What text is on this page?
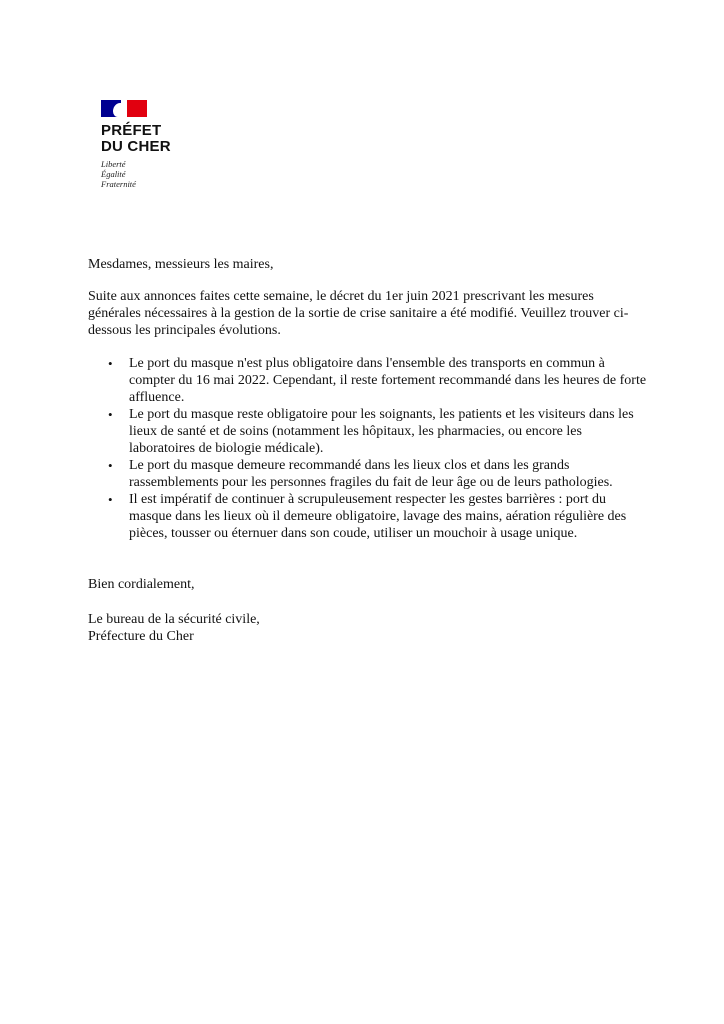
PRÉFET
DU CHER
Liberté
Égalité
Fraternité
Mesdames, messieurs les maires,
Suite aux annonces faites cette semaine, le décret du 1er juin 2021 prescrivant les mesures générales nécessaires à la gestion de la sortie de crise sanitaire a été modifié. Veuillez trouver ci-dessous les principales évolutions.
• Le port du masque n'est plus obligatoire dans l'ensemble des transports en commun à compter du 16 mai 2022. Cependant, il reste fortement recommandé dans les heures de forte affluence.
• Le port du masque reste obligatoire pour les soignants, les patients et les visiteurs dans les lieux de santé et de soins (notamment les hôpitaux, les pharmacies, ou encore les laboratoires de biologie médicale).
• Le port du masque demeure recommandé dans les lieux clos et dans les grands rassemblements pour les personnes fragiles du fait de leur âge ou de leurs pathologies.
• Il est impératif de continuer à scrupuleusement respecter les gestes barrières : port du masque dans les lieux où il demeure obligatoire, lavage des mains, aération régulière des pièces, tousser ou éternuer dans son coude, utiliser un mouchoir à usage unique.
Bien cordialement,
Le bureau de la sécurité civile,
Préfecture du Cher
